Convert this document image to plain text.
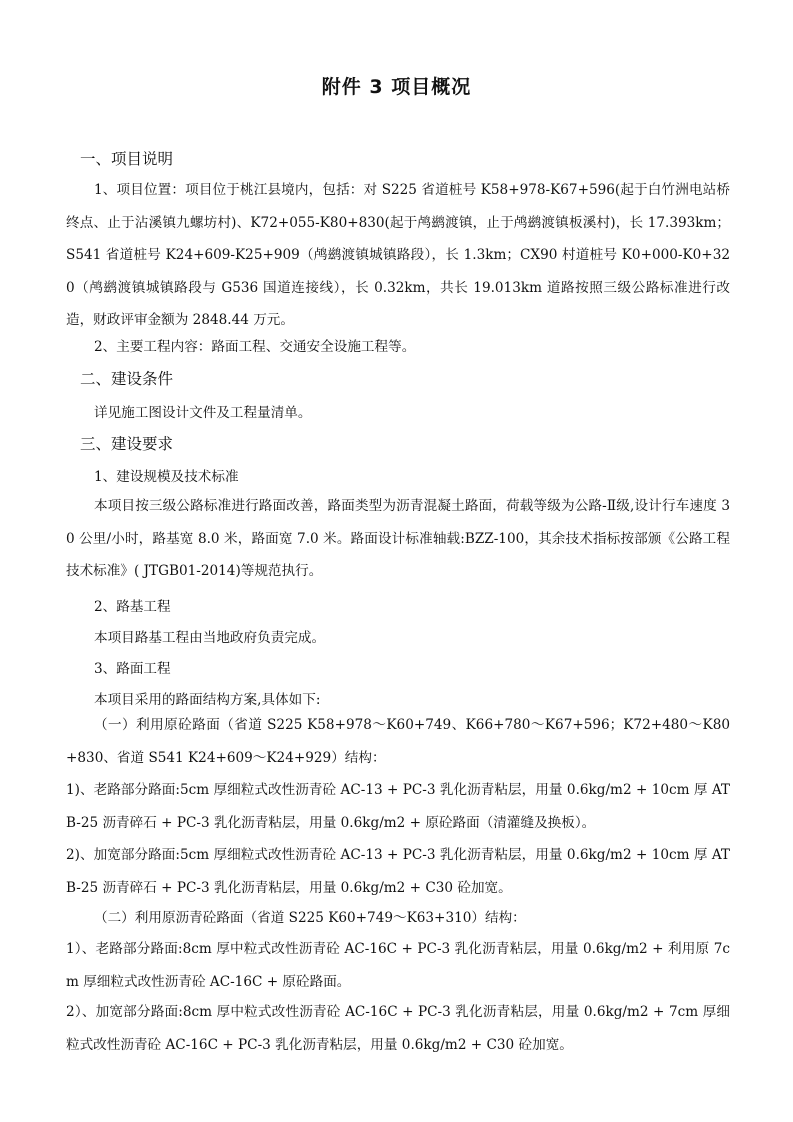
附件 3 项目概况
一、项目说明
1、项目位置：项目位于桃江县境内，包括：对 S225 省道桩号 K58+978-K67+596(起于白竹洲电站桥终点、止于沾溪镇九螺坊村)、K72+055-K80+830(起于鸬鹚渡镇，止于鸬鹚渡镇板溪村)，长 17.393km；S541 省道桩号 K24+609-K25+909（鸬鹚渡镇城镇路段），长 1.3km；CX90 村道桩号 K0+000-K0+320（鸬鹚渡镇城镇路段与 G536 国道连接线），长 0.32km，共长 19.013km 道路按照三级公路标准进行改造，财政评审金额为 2848.44 万元。
2、主要工程内容：路面工程、交通安全设施工程等。
二、建设条件
详见施工图设计文件及工程量清单。
三、建设要求
1、建设规模及技术标准
本项目按三级公路标准进行路面改善，路面类型为沥青混凝土路面，荷载等级为公路-Ⅱ级,设计行车速度 30 公里/小时，路基宽 8.0 米，路面宽 7.0 米。路面设计标准轴载:BZZ-100，其余技术指标按部颁《公路工程技术标准》( JTGB01-2014)等规范执行。
2、路基工程
本项目路基工程由当地政府负责完成。
3、路面工程
本项目采用的路面结构方案,具体如下:
（一）利用原砼路面（省道 S225 K58+978～K60+749、K66+780～K67+596；K72+480～K80+830、省道 S541 K24+609～K24+929）结构：
1)、老路部分路面:5cm 厚细粒式改性沥青砼 AC-13 + PC-3 乳化沥青粘层，用量 0.6kg/m2 + 10cm 厚 ATB-25 沥青碎石 + PC-3 乳化沥青粘层，用量 0.6kg/m2 + 原砼路面（清灌缝及换板）。
2)、加宽部分路面:5cm 厚细粒式改性沥青砼 AC-13 + PC-3 乳化沥青粘层，用量 0.6kg/m2 + 10cm 厚 ATB-25 沥青碎石 + PC-3 乳化沥青粘层，用量 0.6kg/m2 + C30 砼加宽。
（二）利用原沥青砼路面（省道 S225 K60+749～K63+310）结构：
1）、老路部分路面:8cm 厚中粒式改性沥青砼 AC-16C + PC-3 乳化沥青粘层，用量 0.6kg/m2 + 利用原 7cm 厚细粒式改性沥青砼 AC-16C + 原砼路面。
2）、加宽部分路面:8cm 厚中粒式改性沥青砼 AC-16C + PC-3 乳化沥青粘层，用量 0.6kg/m2 + 7cm 厚细粒式改性沥青砼 AC-16C + PC-3 乳化沥青粘层，用量 0.6kg/m2 + C30 砼加宽。
